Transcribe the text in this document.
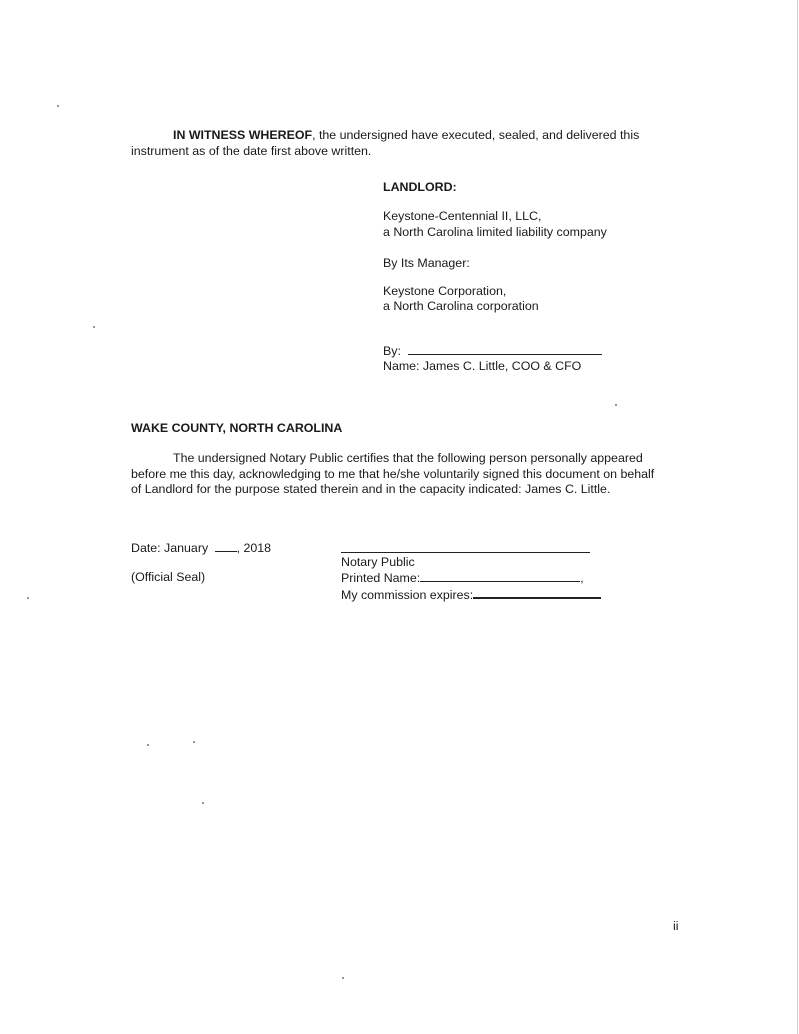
IN WITNESS WHEREOF, the undersigned have executed, sealed, and delivered this
instrument as of the date first above written.
LANDLORD:
Keystone-Centennial II, LLC,
a North Carolina limited liability company
By Its Manager:
Keystone Corporation,
a North Carolina corporation
By:
Name: James C. Little, COO & CFO
WAKE COUNTY, NORTH CAROLINA
The undersigned Notary Public certifies that the following person personally appeared
before me this day, acknowledging to me that he/she voluntarily signed this document on behalf
of Landlord for the purpose stated therein and in the capacity indicated: James C. Little.
Date: January , 2018
(Official Seal)
Notary Public
Printed Name:	,
My commission expires:
ii
